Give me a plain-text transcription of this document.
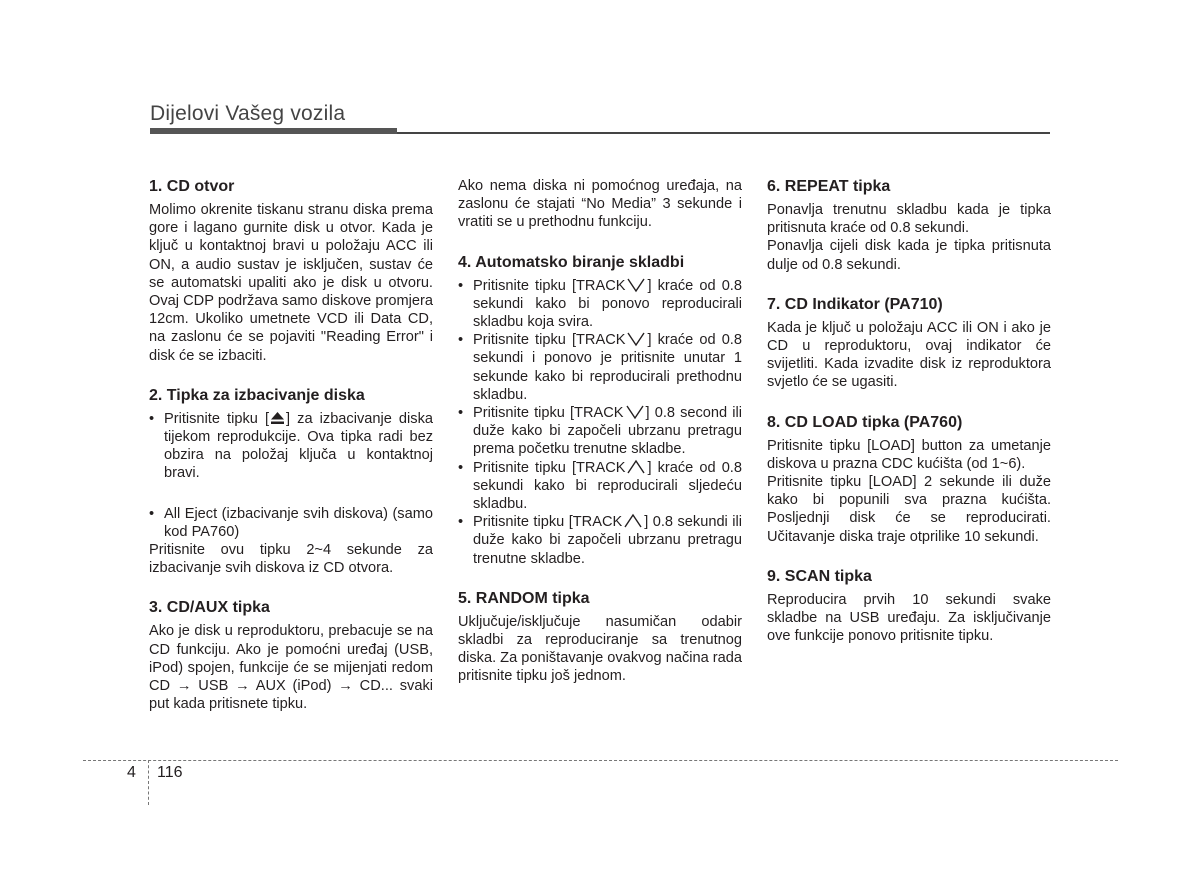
Dijelovi Vašeg vozila
1. CD otvor

Molimo okrenite tiskanu stranu diska prema gore i lagano gurnite disk u otvor. Kada je ključ u kontaktnoj bravi u položaju ACC ili ON, a audio sustav je isključen, sustav će se automatski upaliti ako je disk u otvoru. Ovaj CDP podržava samo diskove promjera 12cm. Ukoliko umetnete VCD ili Data CD, na zaslonu će se pojaviti "Reading Error" i disk će se izbaciti.

2. Tipka za izbacivanje diska
• Pritisnite tipku [ ] za izbacivanje diska tijekom reprodukcije. Ova tipka radi bez obzira na položaj ključa u kontaktnoj bravi.
• All Eject (izbacivanje svih diskova) (samo kod PA760)

Pritisnite ovu tipku 2~4 sekunde za izbacivanje svih diskova iz CD otvora.

3. CD/AUX tipka

Ako je disk u reproduktoru, prebacuje se na CD funkciju. Ako je pomoćni uređaj (USB, iPod) spojen, funkcije će se mijenjati redom CD → USB → AUX (iPod) → CD... svaki put kada pritisnete tipku.

Ako nema diska ni pomoćnog uređaja, na zaslonu će stajati “No Media” 3 sekunde i vratiti se u prethodnu funkciju.

4. Automatsko biranje skladbi
• Pritisnite tipku [TRACK ] kraće od 0.8 sekundi kako bi ponovo reproducirali skladbu koja svira.
• Pritisnite tipku [TRACK ] kraće od 0.8 sekundi i ponovo je pritisnite unutar 1 sekunde kako bi reproducirali prethodnu skladbu.
• Pritisnite tipku [TRACK ] 0.8 second ili duže kako bi započeli ubrzanu pretragu prema početku trenutne skladbe.
• Pritisnite tipku [TRACK ] kraće od 0.8 sekundi kako bi reproducirali sljedeću skladbu.
• Pritisnite tipku [TRACK ] 0.8 sekundi ili duže kako bi započeli ubrzanu pretragu trenutne skladbe.
5. RANDOM tipka

Uključuje/isključuje nasumičan odabir skladbi za reproduciranje sa trenutnog diska. Za poništavanje ovakvog načina rada pritisnite tipku još jednom.

6. REPEAT tipka

Ponavlja trenutnu skladbu kada je tipka pritisnuta kraće od 0.8 sekundi.

Ponavlja cijeli disk kada je tipka pritisnuta dulje od 0.8 sekundi.

7. CD Indikator (PA710)

Kada je ključ u položaju ACC ili ON i ako je CD u reproduktoru, ovaj indikator će svijetliti. Kada izvadite disk iz reproduktora svjetlo će se ugasiti.

8. CD LOAD tipka (PA760)

Pritisnite tipku [LOAD] button za umetanje diskova u prazna CDC kućišta (od 1~6).

Pritisnite tipku [LOAD] 2 sekunde ili duže kako bi popunili sva prazna kućišta. Posljednji disk će se reproducirati. Učitavanje diska traje otprilike 10 sekundi.

9. SCAN tipka

Reproducira prvih 10 sekundi svake skladbe na USB uređaju. Za isključivanje ove funkcije ponovo pritisnite tipku.

4 116
